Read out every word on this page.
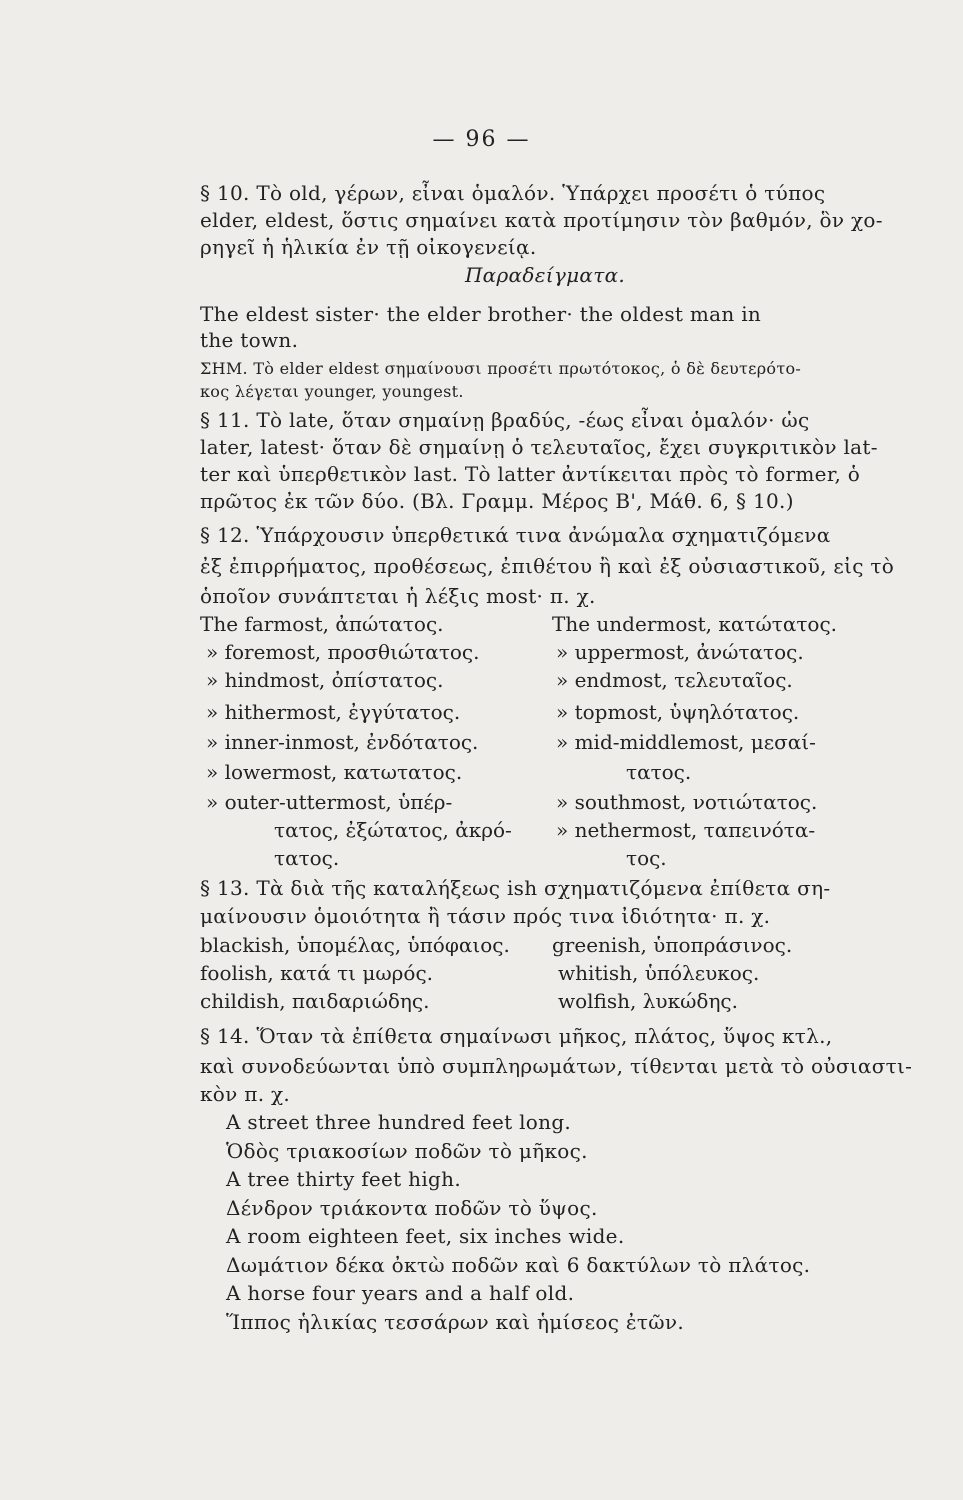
— 96 —
§ 10. Τὸ old, γέρων, εἶναι ὁμαλόν. Ὑπάρχει προσέτι ὁ τύπος
elder, eldest, ὅστις σημαίνει κατὰ προτίμησιν τὸν βαθμόν, ὃν χο-
ρηγεῖ ἡ ἡλικία ἐν τῇ οἰκογενείᾳ.
Παραδείγματα.
The eldest sister· the elder brother· the oldest man in
the town.
ΣΗΜ. Τὸ elder eldest σημαίνουσι προσέτι πρωτότοκος, ὁ δὲ δευτερότο-
κος λέγεται younger, youngest.
§ 11. Τὸ late, ὅταν σημαίνῃ βραδύς, -έως εἶναι ὁμαλόν· ὡς
later, latest· ὅταν δὲ σημαίνῃ ὁ τελευταῖος, ἔχει συγκριτικὸν lat-
ter καὶ ὑπερθετικὸν last. Τὸ latter ἀντίκειται πρὸς τὸ former, ὁ
πρῶτος ἐκ τῶν δύο. (Βλ. Γραμμ. Μέρος Β', Μάθ. 6, § 10.)
§ 12. Ὑπάρχουσιν ὑπερθετικά τινα ἀνώμαλα σχηματιζόμενα
ἐξ ἐπιρρήματος, προθέσεως, ἐπιθέτου ἢ καὶ ἐξ οὐσιαστικοῦ, εἰς τὸ
ὁποῖον συνάπτεται ἡ λέξις most· π. χ.
The farmost, ἀπώτατος.
» foremost, προσθιώτατος.
» hindmost, ὀπίστατος.
» hithermost, ἐγγύτατος.
» inner-inmost, ἐνδότατος.
» lowermost, κατωτατος.
» outer-uttermost, ὑπέρ-
τατος, ἐξώτατος, ἀκρό-
τατος.
The undermost, κατώτατος.
» uppermost, ἀνώτατος.
» endmost, τελευταῖος.
» topmost, ὑψηλότατος.
» mid-middlemost, μεσαί-
τατος.
» southmost, νοτιώτατος.
» nethermost, ταπεινότα-
τος.
§ 13. Τὰ διὰ τῆς καταλήξεως ish σχηματιζόμενα ἐπίθετα ση-
μαίνουσιν ὁμοιότητα ἢ τάσιν πρός τινα ἰδιότητα· π. χ.
blackish, ὑπομέλας, ὑπόφαιος.
foolish, κατά τι μωρός.
childish, παιδαριώδης.
greenish, ὑποπράσινος.
whitish, ὑπόλευκος.
wolfish, λυκώδης.
§ 14. Ὅταν τὰ ἐπίθετα σημαίνωσι μῆκος, πλάτος, ὕψος κτλ.,
καὶ συνοδεύωνται ὑπὸ συμπληρωμάτων, τίθενται μετὰ τὸ οὐσιαστι-
κὸν π. χ.
A street three hundred feet long.
Ὁδὸς τριακοσίων ποδῶν τὸ μῆκος.
A tree thirty feet high.
Δένδρον τριάκοντα ποδῶν τὸ ὕψος.
A room eighteen feet, six inches wide.
Δωμάτιον δέκα ὀκτὼ ποδῶν καὶ 6 δακτύλων τὸ πλάτος.
A horse four years and a half old.
Ἵππος ἡλικίας τεσσάρων καὶ ἡμίσεος ἐτῶν.
